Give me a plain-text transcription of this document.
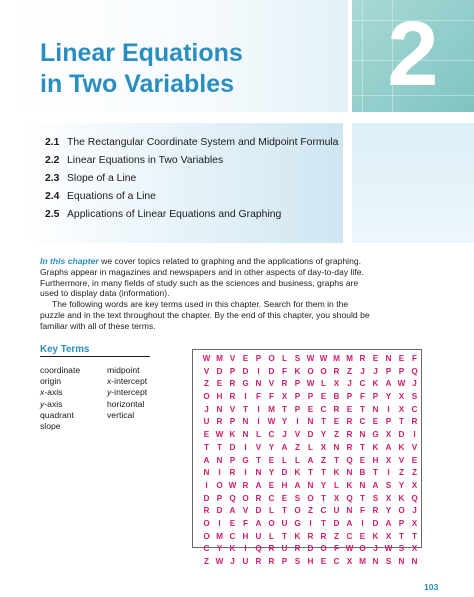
2
Linear Equations
in Two Variables
2.1 The Rectangular Coordinate System and Midpoint Formula
2.2 Linear Equations in Two Variables
2.3 Slope of a Line
2.4 Equations of a Line
2.5 Applications of Linear Equations and Graphing

In this chapter we cover topics related to graphing and the applications of graphing. Graphs appear in magazines and newspapers and in other aspects of day-to-day life. Furthermore, in many fields of study such as the sciences and business, graphs are used to display data (information).

The following words are key terms used in this chapter. Search for them in the puzzle and in the text throughout the chapter. By the end of this chapter, you should be familiar with all of these terms.

Key Terms
coordinate
origin
x-axis
y-axis
quadrant
slope
midpoint
x-intercept
y-intercept
horizontal
vertical
W M V E P O L S W W M M R E N E F
V D P D	I	D F K O O R Z	J	J P P Q
Z E R G N V R P W L X J C K A W J
O H R	I	F F X P P E B P F P Y X S
J N V T	I	M T P E C R E T N	I	X C
U R P N	I W Y	I	N T E R C E P T R
E W K N L C J V D Y Z R N G X D	I
T T D	I	V Y A Z L X N R T K A K V
A N P G T E L L A Z T Q E H X V E
N	I	R	I	N Y D K T T K N B T	I	Z Z
I	O W R A E H A N Y L K N A S Y X
D P Q O R C E S O T X Q T S X K Q
R D A V D L T O Z C U N F R Y O J
O	I	E F A O U G	I	T D A	I	D A P X
O M C H U L T K R R Z C E K X T T
C Y K	I	Q R U R D O F W O J W S X
Z W J U R R P S H E C X M N S N N
103
